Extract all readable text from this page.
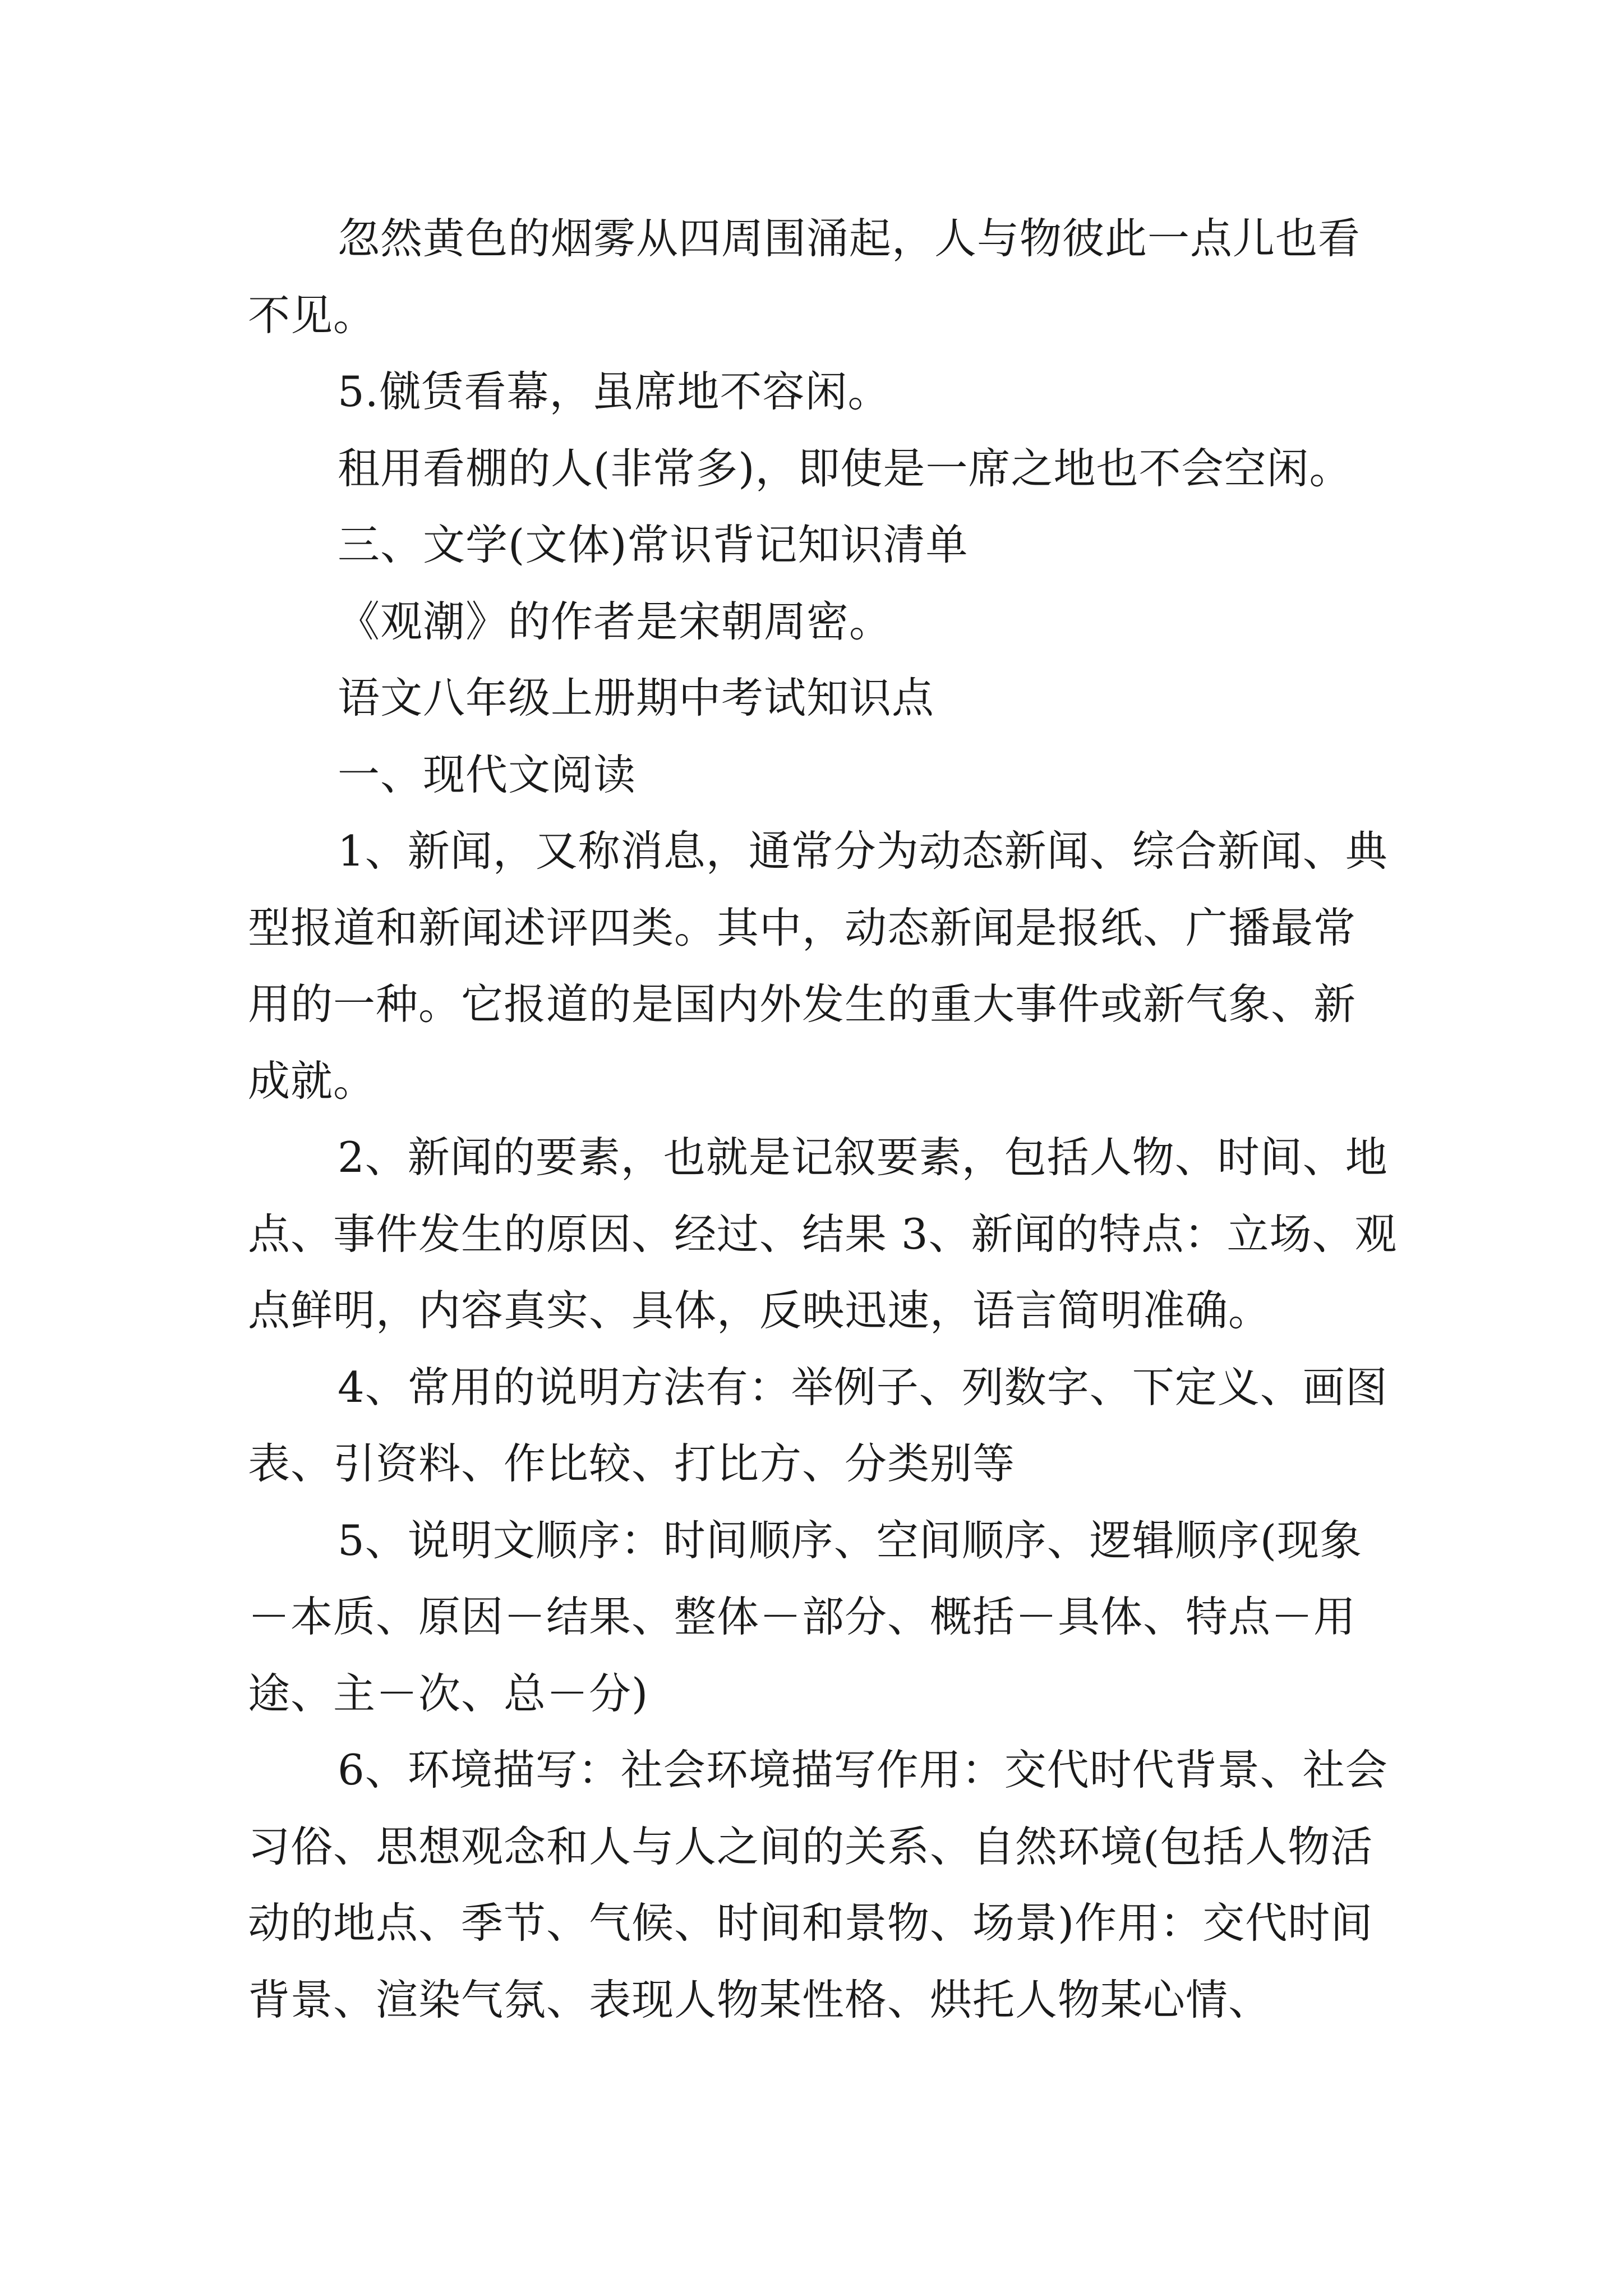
忽然黄色的烟雾从四周围涌起，人与物彼此一点儿也看不见。

5.僦赁看幕，虽席地不容闲。

租用看棚的人(非常多)，即使是一席之地也不会空闲。

三、文学(文体)常识背记知识清单

《观潮》的作者是宋朝周密。

语文八年级上册期中考试知识点

一、现代文阅读

1、新闻，又称消息，通常分为动态新闻、综合新闻、典型报道和新闻述评四类。其中，动态新闻是报纸、广播最常用的一种。它报道的是国内外发生的重大事件或新气象、新成就。

2、新闻的要素，也就是记叙要素，包括人物、时间、地点、事件发生的原因、经过、结果 3、新闻的特点：立场、观点鲜明，内容真实、具体，反映迅速，语言简明准确。

4、常用的说明方法有：举例子、列数字、下定义、画图表、引资料、作比较、打比方、分类别等

5、说明文顺序：时间顺序、空间顺序、逻辑顺序(现象－本质、原因－结果、整体－部分、概括－具体、特点－用途、主－次、总－分)

6、环境描写：社会环境描写作用：交代时代背景、社会习俗、思想观念和人与人之间的关系、自然环境(包括人物活动的地点、季节、气候、时间和景物、场景)作用：交代时间背景、渲染气氛、表现人物某性格、烘托人物某心情、
